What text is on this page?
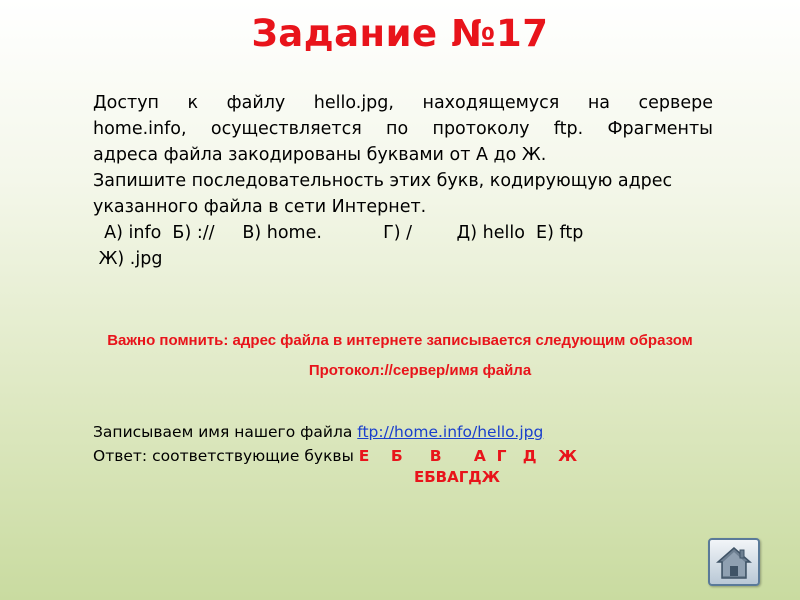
Задание №17
Доступ к файлу hello.jpg, находящемуся на сервере
home.info, осуществляется по протоколу ftp. Фрагменты
адреса файла закодированы буквами от А до Ж.
Запишите последовательность этих букв, кодирующую адрес
указанного файла в сети Интернет.
А) info  Б) ://     В) home.           Г) /        Д) hello  Е) ftp
Ж) .jpg
Важно помнить: адрес файла в интернете записывается следующим образом
Протокол://сервер/имя файла
Записываем имя нашего файла ftp://home.info/hello.jpg
Ответ: соответствующие буквы Е    Б     В      А  Г   Д    Ж
ЕБВАГДЖ
